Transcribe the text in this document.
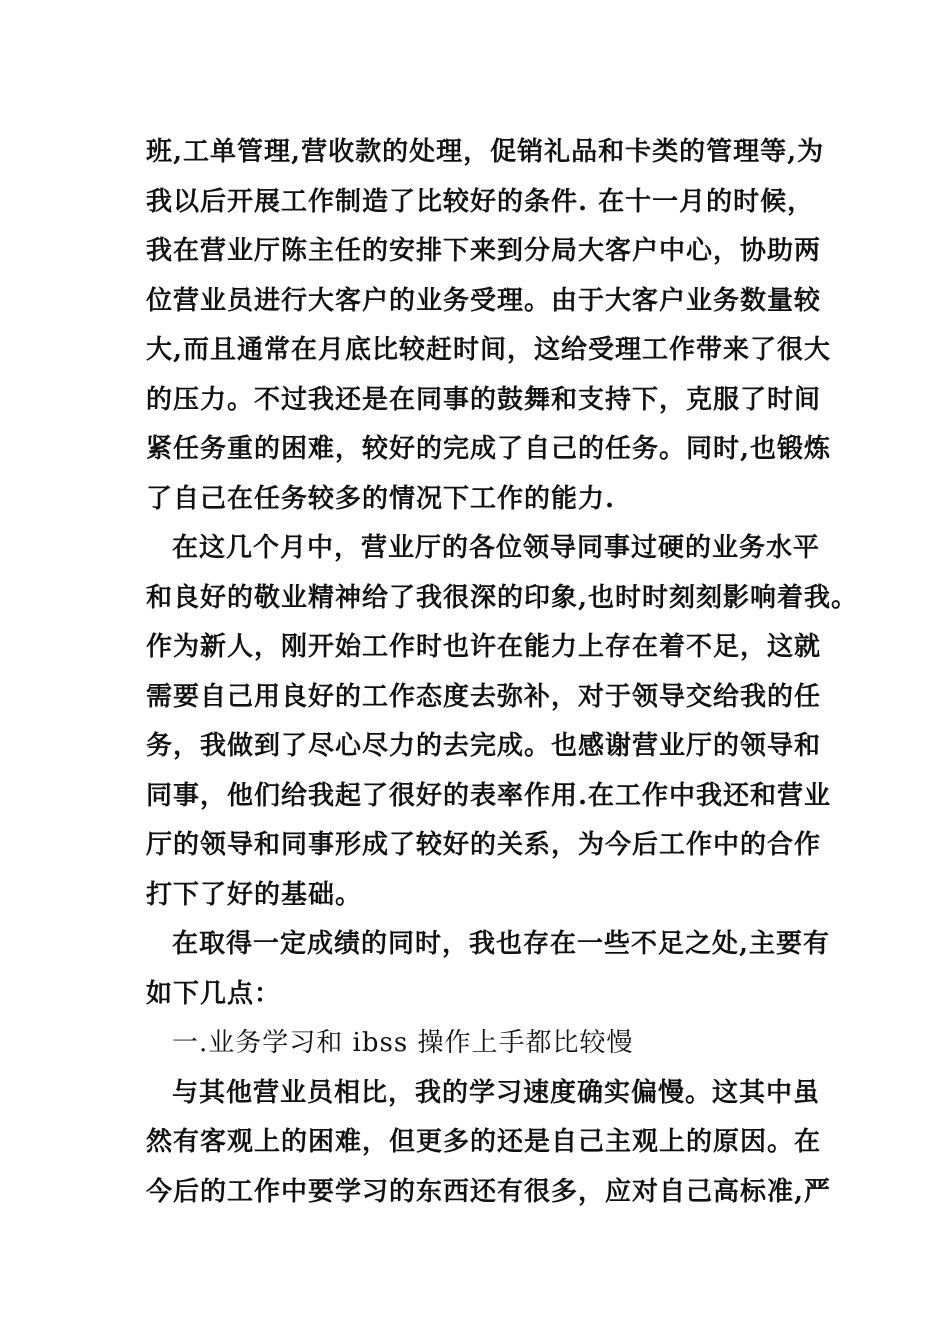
班,工单管理,营收款的处理，促销礼品和卡类的管理等,为
我以后开展工作制造了比较好的条件. 在十一月的时候，
我在营业厅陈主任的安排下来到分局大客户中心，协助两
位营业员进行大客户的业务受理。由于大客户业务数量较
大,而且通常在月底比较赶时间，这给受理工作带来了很大
的压力。不过我还是在同事的鼓舞和支持下，克服了时间
紧任务重的困难，较好的完成了自己的任务。同时,也锻炼
了自己在任务较多的情况下工作的能力.
在这几个月中，营业厅的各位领导同事过硬的业务水平
和良好的敬业精神给了我很深的印象,也时时刻刻影响着我。
作为新人，刚开始工作时也许在能力上存在着不足，这就
需要自己用良好的工作态度去弥补，对于领导交给我的任
务，我做到了尽心尽力的去完成。也感谢营业厅的领导和
同事，他们给我起了很好的表率作用.在工作中我还和营业
厅的领导和同事形成了较好的关系，为今后工作中的合作
打下了好的基础。
在取得一定成绩的同时，我也存在一些不足之处,主要有
如下几点：
一.业务学习和 ibss 操作上手都比较慢
与其他营业员相比，我的学习速度确实偏慢。这其中虽
然有客观上的困难，但更多的还是自己主观上的原因。在
今后的工作中要学习的东西还有很多，应对自己高标准,严
